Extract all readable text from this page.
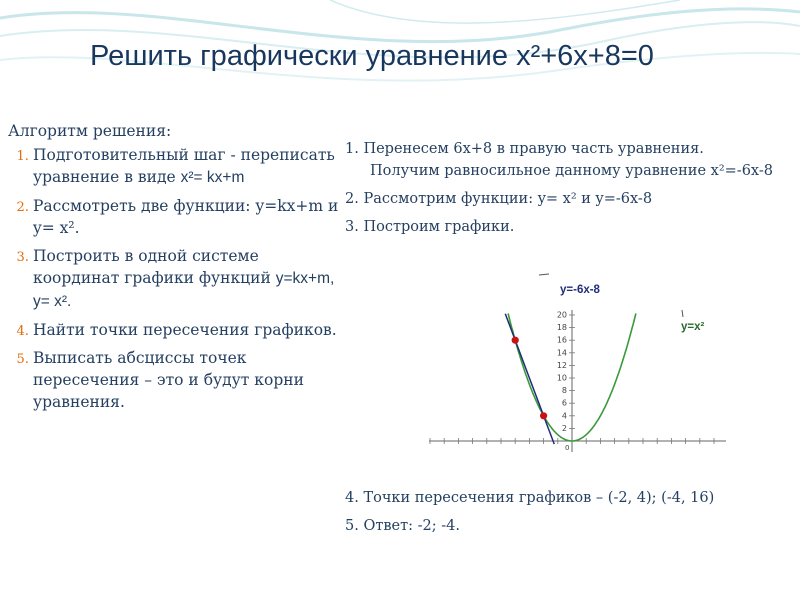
Решить графически уравнение x²+6x+8=0
Алгоритм решения:
1. Подготовительный шаг - переписать уравнение в виде x²= kx+m
2. Рассмотреть две функции: y=kx+m и y= x².
3. Построить в одной системе координат графики функций y=kx+m, y= x².
4. Найти точки пересечения графиков.
5. Выписать абсциссы точек пересечения – это и будут корни уравнения.
1. Перенесем 6x+8 в правую часть уравнения.
Получим равносильное данному уравнение x²=-6x-8
2. Рассмотрим функции: y= x² и y=-6x-8
3. Построим графики.
20
18
16
14
12
10
8
6
4
2
0
y=-6x-8
y=x²
4. Точки пересечения графиков – (-2, 4); (-4, 16)
5. Ответ: -2; -4.
